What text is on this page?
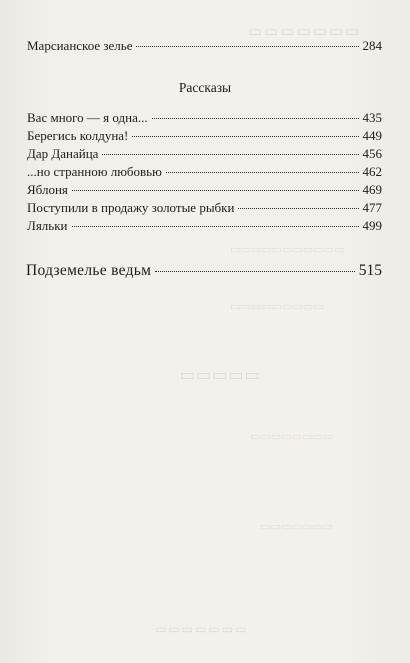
▭▭▭▭▭▭▭
▭▭▭▭▭
▭▭▭▭▭▭▭
▭▭▭▭▭▭▭▭▭▭▭
▭▭▭▭▭▭▭▭▭
▭▭▭▭▭▭▭▭
▭▭▭▭▭▭▭
Марсианское зелье	284
Рассказы
Вас много — я одна...	435
Берегись колдуна!	449
Дар Данайца	456
...но странною любовью	462
Яблоня	469
Поступили в продажу золотые рыбки	477
Ляльки	499
Подземелье ведьм	515
